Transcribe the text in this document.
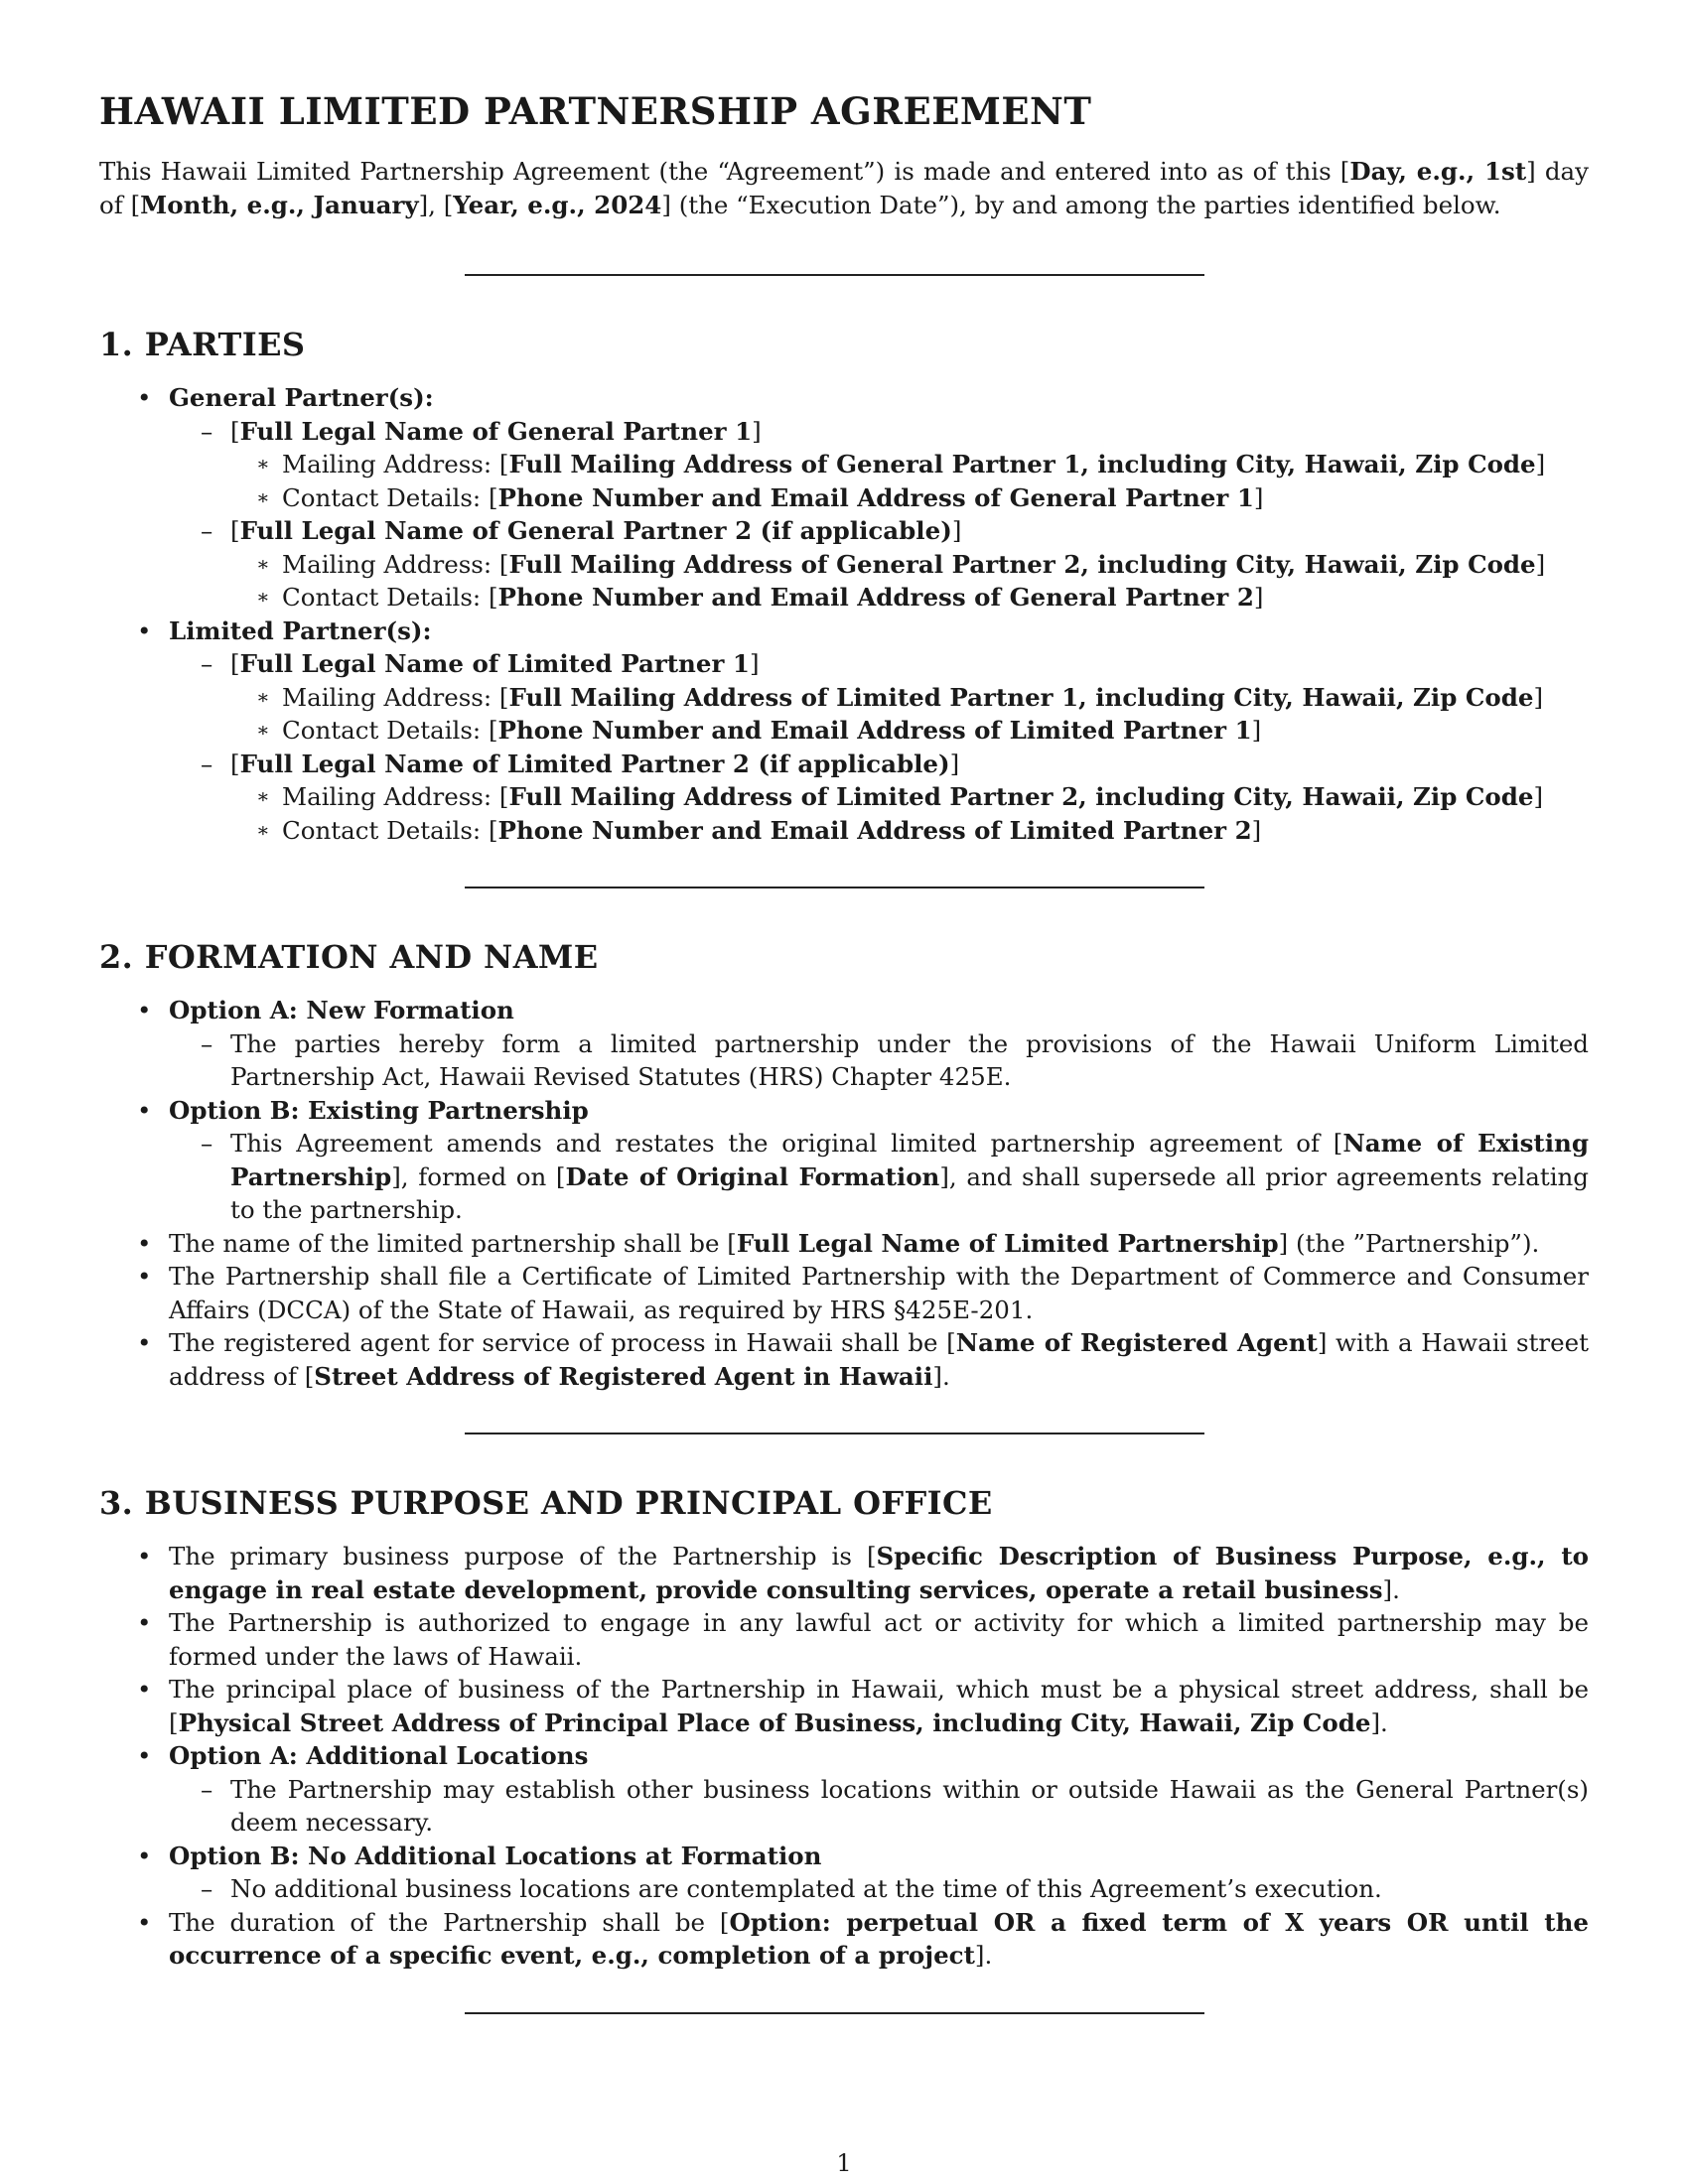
HAWAII LIMITED PARTNERSHIP AGREEMENT

This Hawaii Limited Partnership Agreement (the “Agreement”) is made and entered into as of this [Day, e.g., 1st] day of [Month, e.g., January], [Year, e.g., 2024] (the “Execution Date”), by and among the parties identified below.

1. PARTIES
• General Partner(s):
– [Full Legal Name of General Partner 1]
∗ Mailing Address: [Full Mailing Address of General Partner 1, including City, Hawaii, Zip Code]
∗ Contact Details: [Phone Number and Email Address of General Partner 1]
– [Full Legal Name of General Partner 2 (if applicable)]
∗ Mailing Address: [Full Mailing Address of General Partner 2, including City, Hawaii, Zip Code]
∗ Contact Details: [Phone Number and Email Address of General Partner 2]
• Limited Partner(s):
– [Full Legal Name of Limited Partner 1]
∗ Mailing Address: [Full Mailing Address of Limited Partner 1, including City, Hawaii, Zip Code]
∗ Contact Details: [Phone Number and Email Address of Limited Partner 1]
– [Full Legal Name of Limited Partner 2 (if applicable)]
∗ Mailing Address: [Full Mailing Address of Limited Partner 2, including City, Hawaii, Zip Code]
∗ Contact Details: [Phone Number and Email Address of Limited Partner 2]
2. FORMATION AND NAME
• Option A: New Formation
– The parties hereby form a limited partnership under the provisions of the Hawaii Uniform Limited Partnership Act, Hawaii Revised Statutes (HRS) Chapter 425E.
• Option B: Existing Partnership
– This Agreement amends and restates the original limited partnership agreement of [Name of Existing Partnership], formed on [Date of Original Formation], and shall supersede all prior agreements relating to the partnership.
• The name of the limited partnership shall be [Full Legal Name of Limited Partnership] (the ”Partnership”).
• The Partnership shall file a Certificate of Limited Partnership with the Department of Commerce and Consumer Affairs (DCCA) of the State of Hawaii, as required by HRS §425E-201.
• The registered agent for service of process in Hawaii shall be [Name of Registered Agent] with a Hawaii street address of [Street Address of Registered Agent in Hawaii].
3. BUSINESS PURPOSE AND PRINCIPAL OFFICE
• The primary business purpose of the Partnership is [Specific Description of Business Purpose, e.g., to engage in real estate development, provide consulting services, operate a retail business].
• The Partnership is authorized to engage in any lawful act or activity for which a limited partnership may be formed under the laws of Hawaii.
• The principal place of business of the Partnership in Hawaii, which must be a physical street address, shall be [Physical Street Address of Principal Place of Business, including City, Hawaii, Zip Code].
• Option A: Additional Locations
– The Partnership may establish other business locations within or outside Hawaii as the General Partner(s) deem necessary.
• Option B: No Additional Locations at Formation
– No additional business locations are contemplated at the time of this Agreement’s execution.
• The duration of the Partnership shall be [Option: perpetual OR a fixed term of X years OR until the occurrence of a specific event, e.g., completion of a project].
1
